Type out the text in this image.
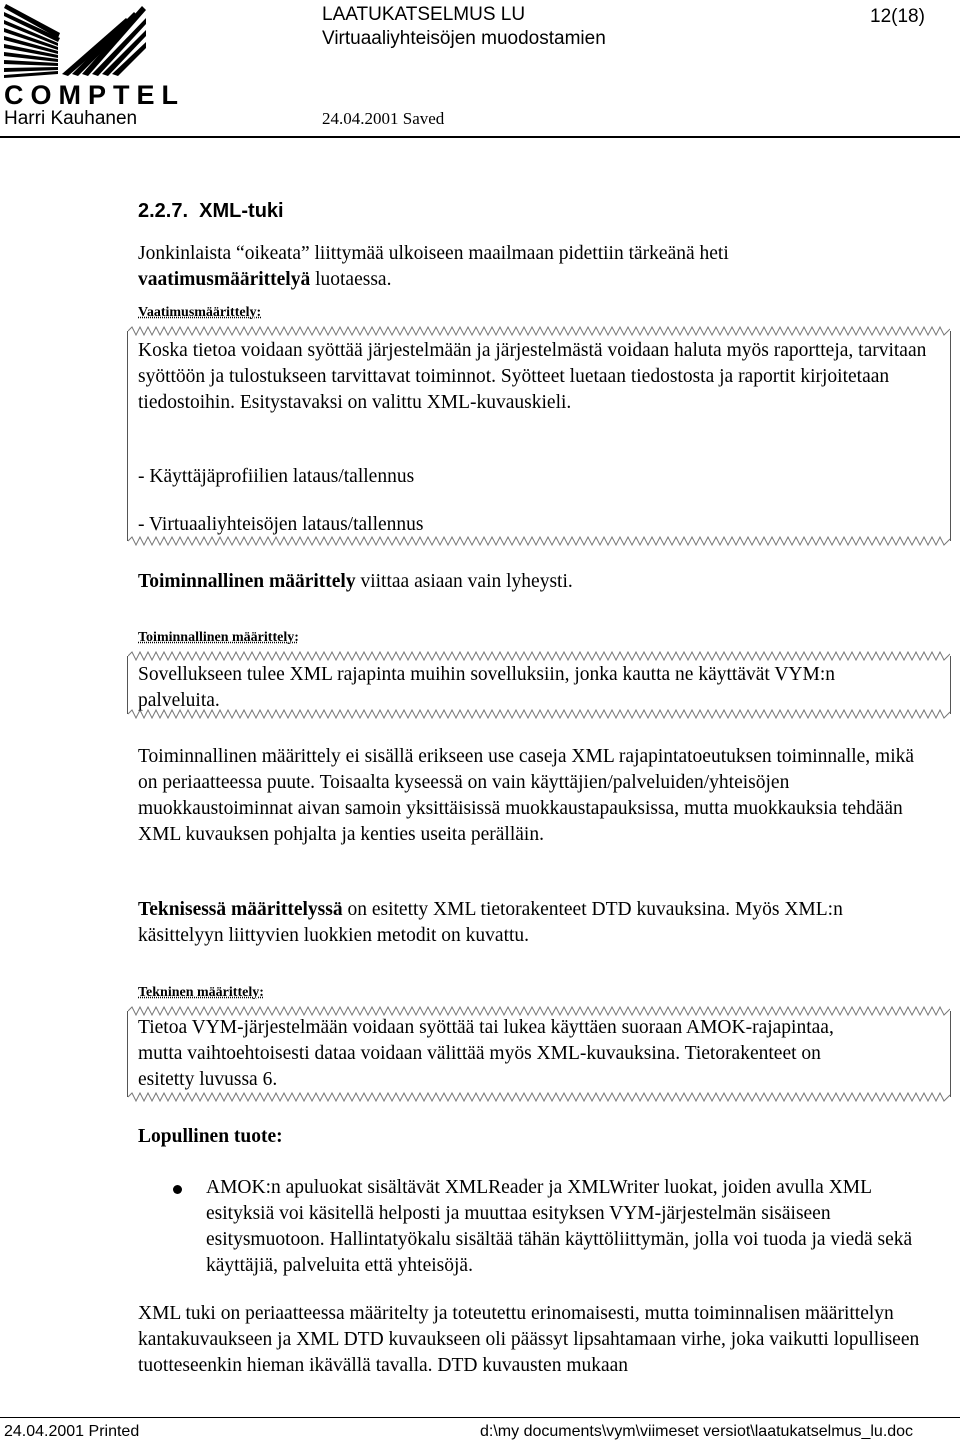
COMPTEL
Harri Kauhanen	24.04.2001 Saved
LAATUKATSELMUS LU
Virtuaaliyhteisöjen muodostamien
12(18)
2.2.7.  XML-tuki
Jonkinlaista “oikeata” liittymää ulkoiseen maailmaan pidettiin tärkeänä heti
vaatimusmäärittelyä luotaessa.
Vaatimusmäärittely:
Koska tietoa voidaan syöttää järjestelmään ja järjestelmästä voidaan haluta myös raportteja, tarvitaan syöttöön ja tulostukseen tarvittavat toiminnot. Syötteet luetaan tiedostosta ja raportit kirjoitetaan tiedostoihin. Esitystavaksi on valittu XML-kuvauskieli.
- Käyttäjäprofiilien lataus/tallennus
- Virtuaaliyhteisöjen lataus/tallennus
Toiminnallinen määrittely viittaa asiaan vain lyheysti.
Toiminnallinen määrittely:
Sovellukseen tulee XML rajapinta muihin sovelluksiin, jonka kautta ne käyttävät VYM:n palveluita.
Toiminnallinen määrittely ei sisällä erikseen use caseja XML rajapintatoeutuksen toiminnalle, mikä on periaatteessa puute. Toisaalta kyseessä on vain käyttäjien/palveluiden/yhteisöjen muokkaustoiminnat aivan samoin yksittäisissä muokkaustapauksissa, mutta muokkauksia tehdään XML kuvauksen pohjalta ja kenties useita perälläin.
Teknisessä määrittelyssä on esitetty XML tietorakenteet DTD kuvauksina. Myös XML:n käsittelyyn liittyvien luokkien metodit on kuvattu.
Tekninen määrittely:
Tietoa VYM-järjestelmään voidaan syöttää tai lukea käyttäen suoraan AMOK-rajapintaa, mutta vaihtoehtoisesti dataa voidaan välittää myös XML-kuvauksina. Tietorakenteet on esitetty luvussa 6.
Lopullinen tuote:
AMOK:n apuluokat sisältävät XMLReader ja XMLWriter luokat, joiden avulla XML esityksiä voi käsitellä helposti ja muuttaa esityksen VYM-järjestelmän sisäiseen esitysmuotoon. Hallintatyökalu sisältää tähän käyttöliittymän, jolla voi tuoda ja viedä sekä käyttäjiä, palveluita että yhteisöjä.
XML tuki on periaatteessa määritelty ja toteutettu erinomaisesti, mutta toiminnalisen määrittelyn kantakuvaukseen ja XML DTD kuvaukseen oli päässyt lipsahtamaan virhe, joka vaikutti lopulliseen tuotteseenkin hieman ikävällä tavalla. DTD kuvausten mukaan
24.04.2001 Printed	d:\my documents\vym\viimeset versiot\laatukatselmus_lu.doc
